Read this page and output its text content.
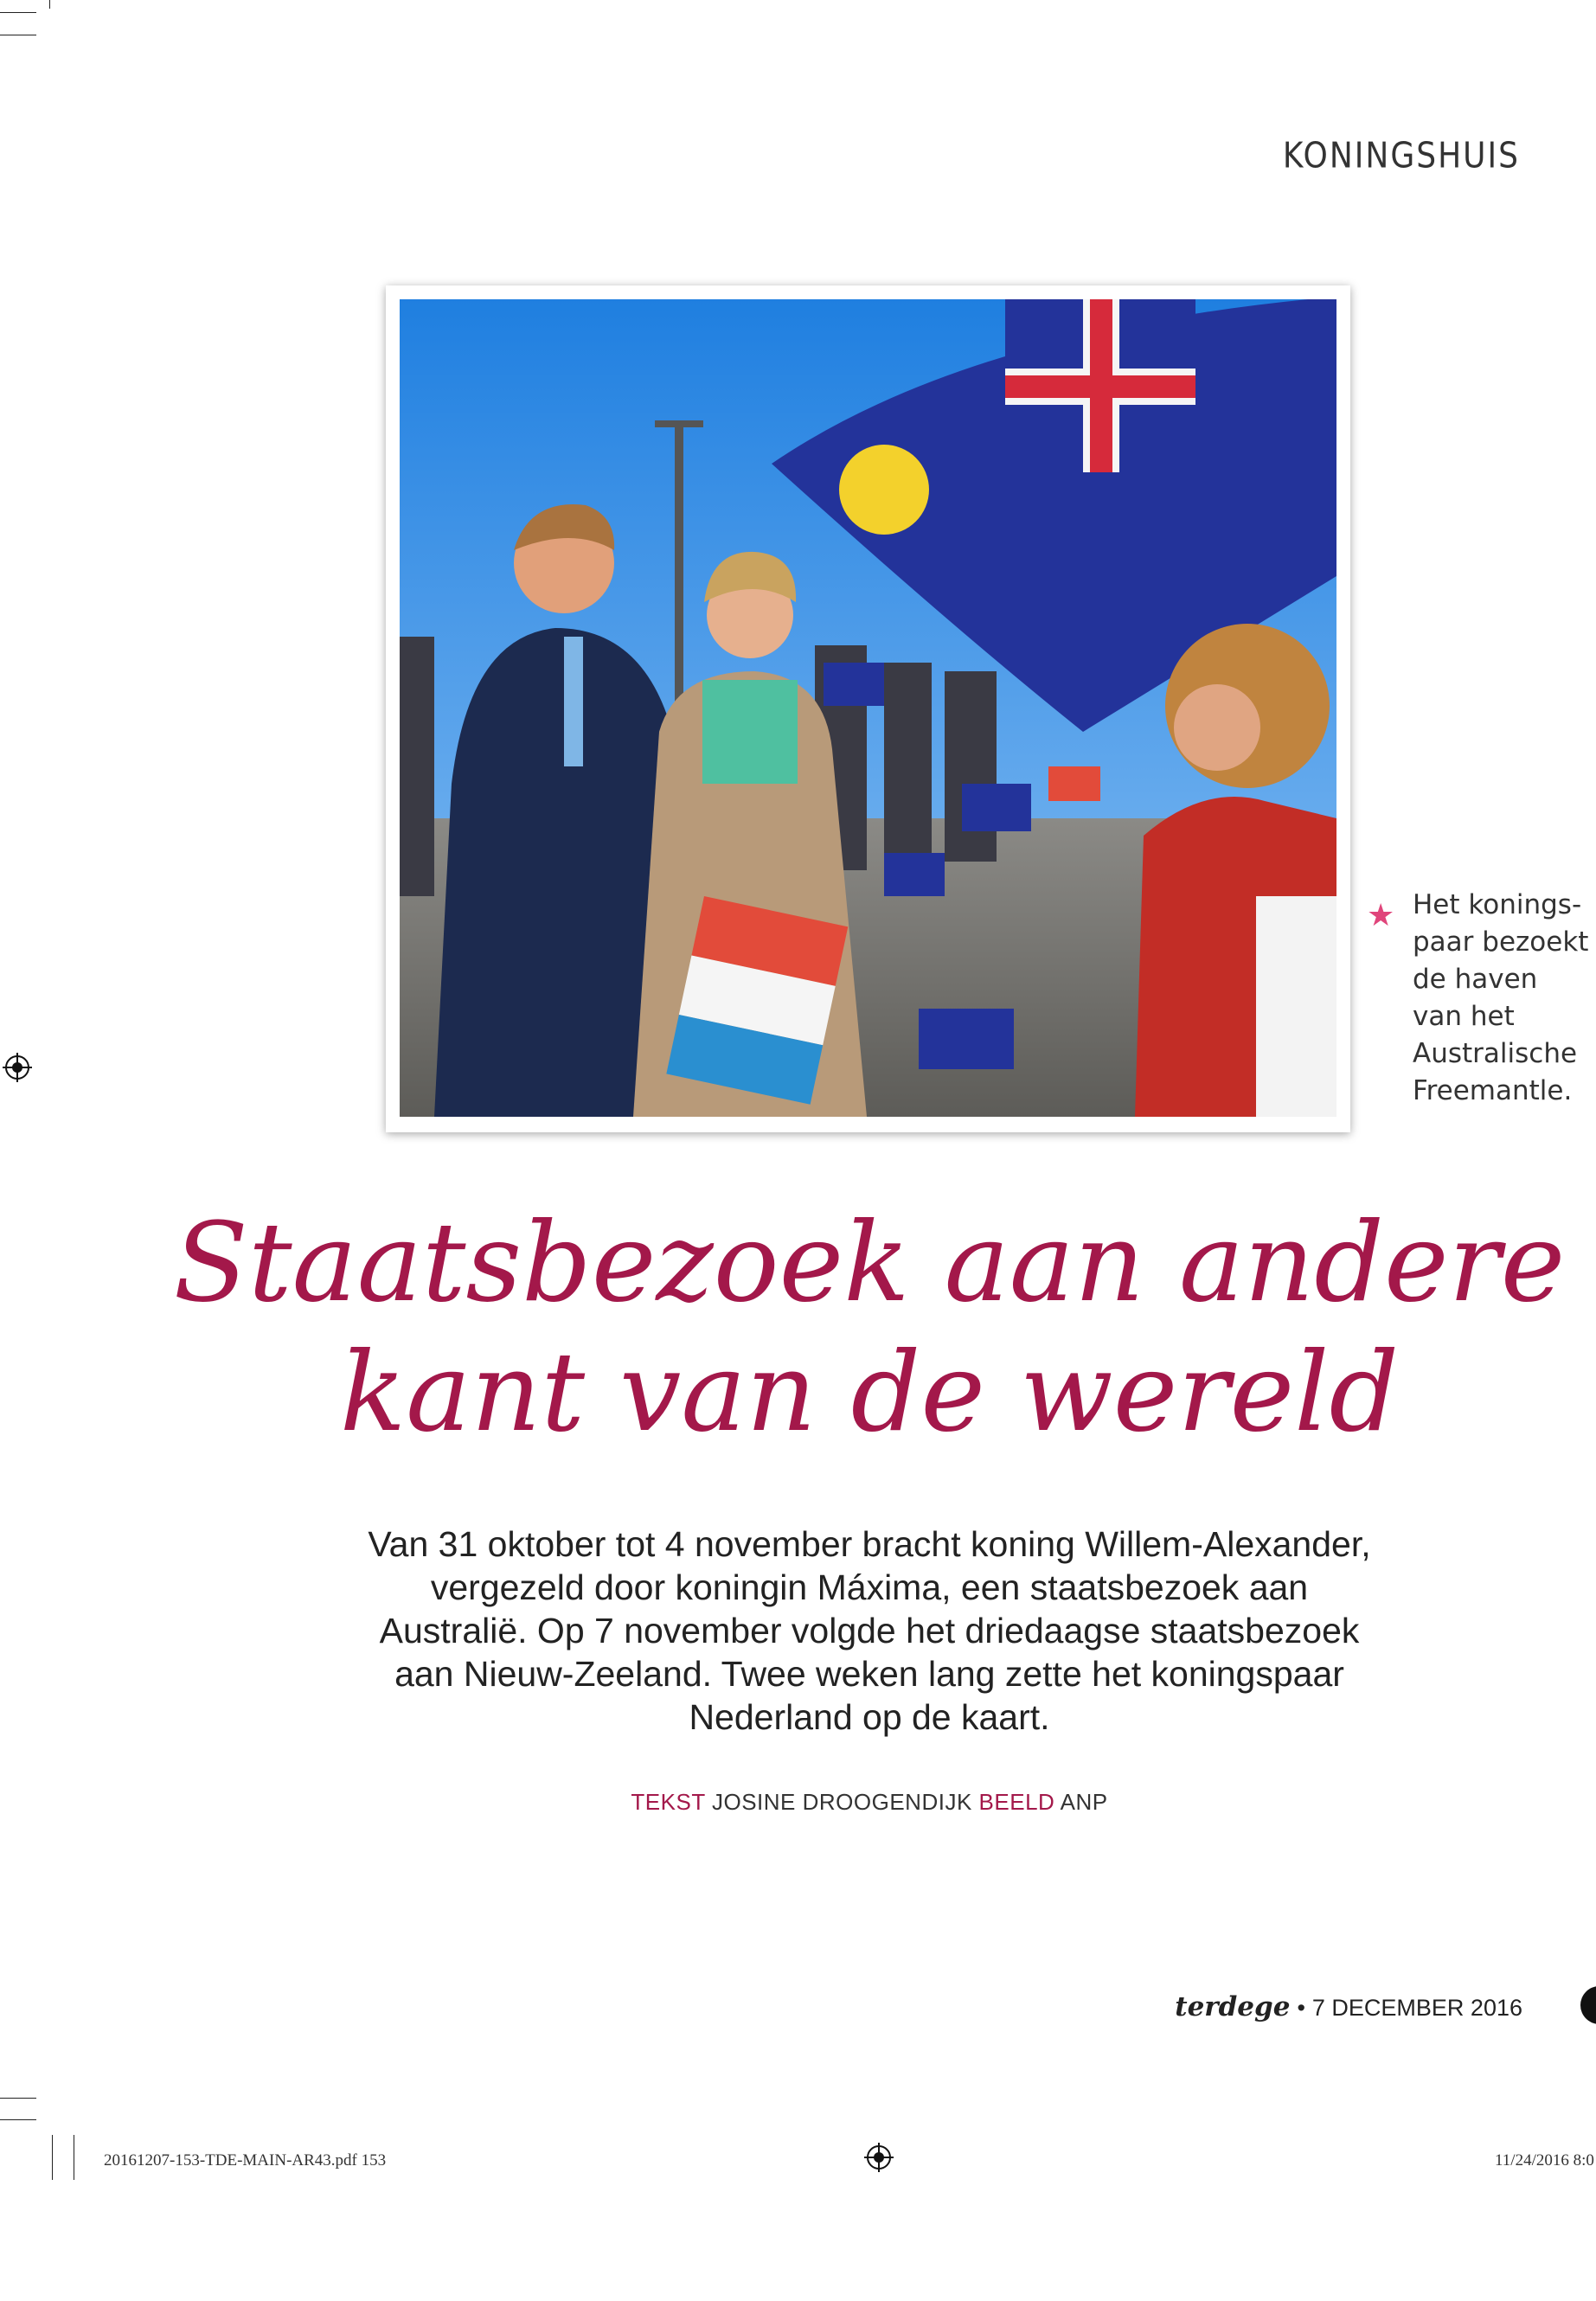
KONINGSHUIS
★ Het konings-
paar bezoekt
de haven
van het
Australische
Freemantle.
Staatsbezoek aan andere
kant van de wereld
Van 31 oktober tot 4 november bracht koning Willem-Alexander,
vergezeld door koningin Máxima, een staatsbezoek aan
Australië. Op 7 november volgde het driedaagse staatsbezoek
aan Nieuw-Zeeland. Twee weken lang zette het koningspaar
Nederland op de kaart.
TEKST JOSINE DROOGENDIJK BEELD ANP
terdege • 7 DECEMBER 2016
20161207-153-TDE-MAIN-AR43.pdf 153	11/24/2016 8:0
